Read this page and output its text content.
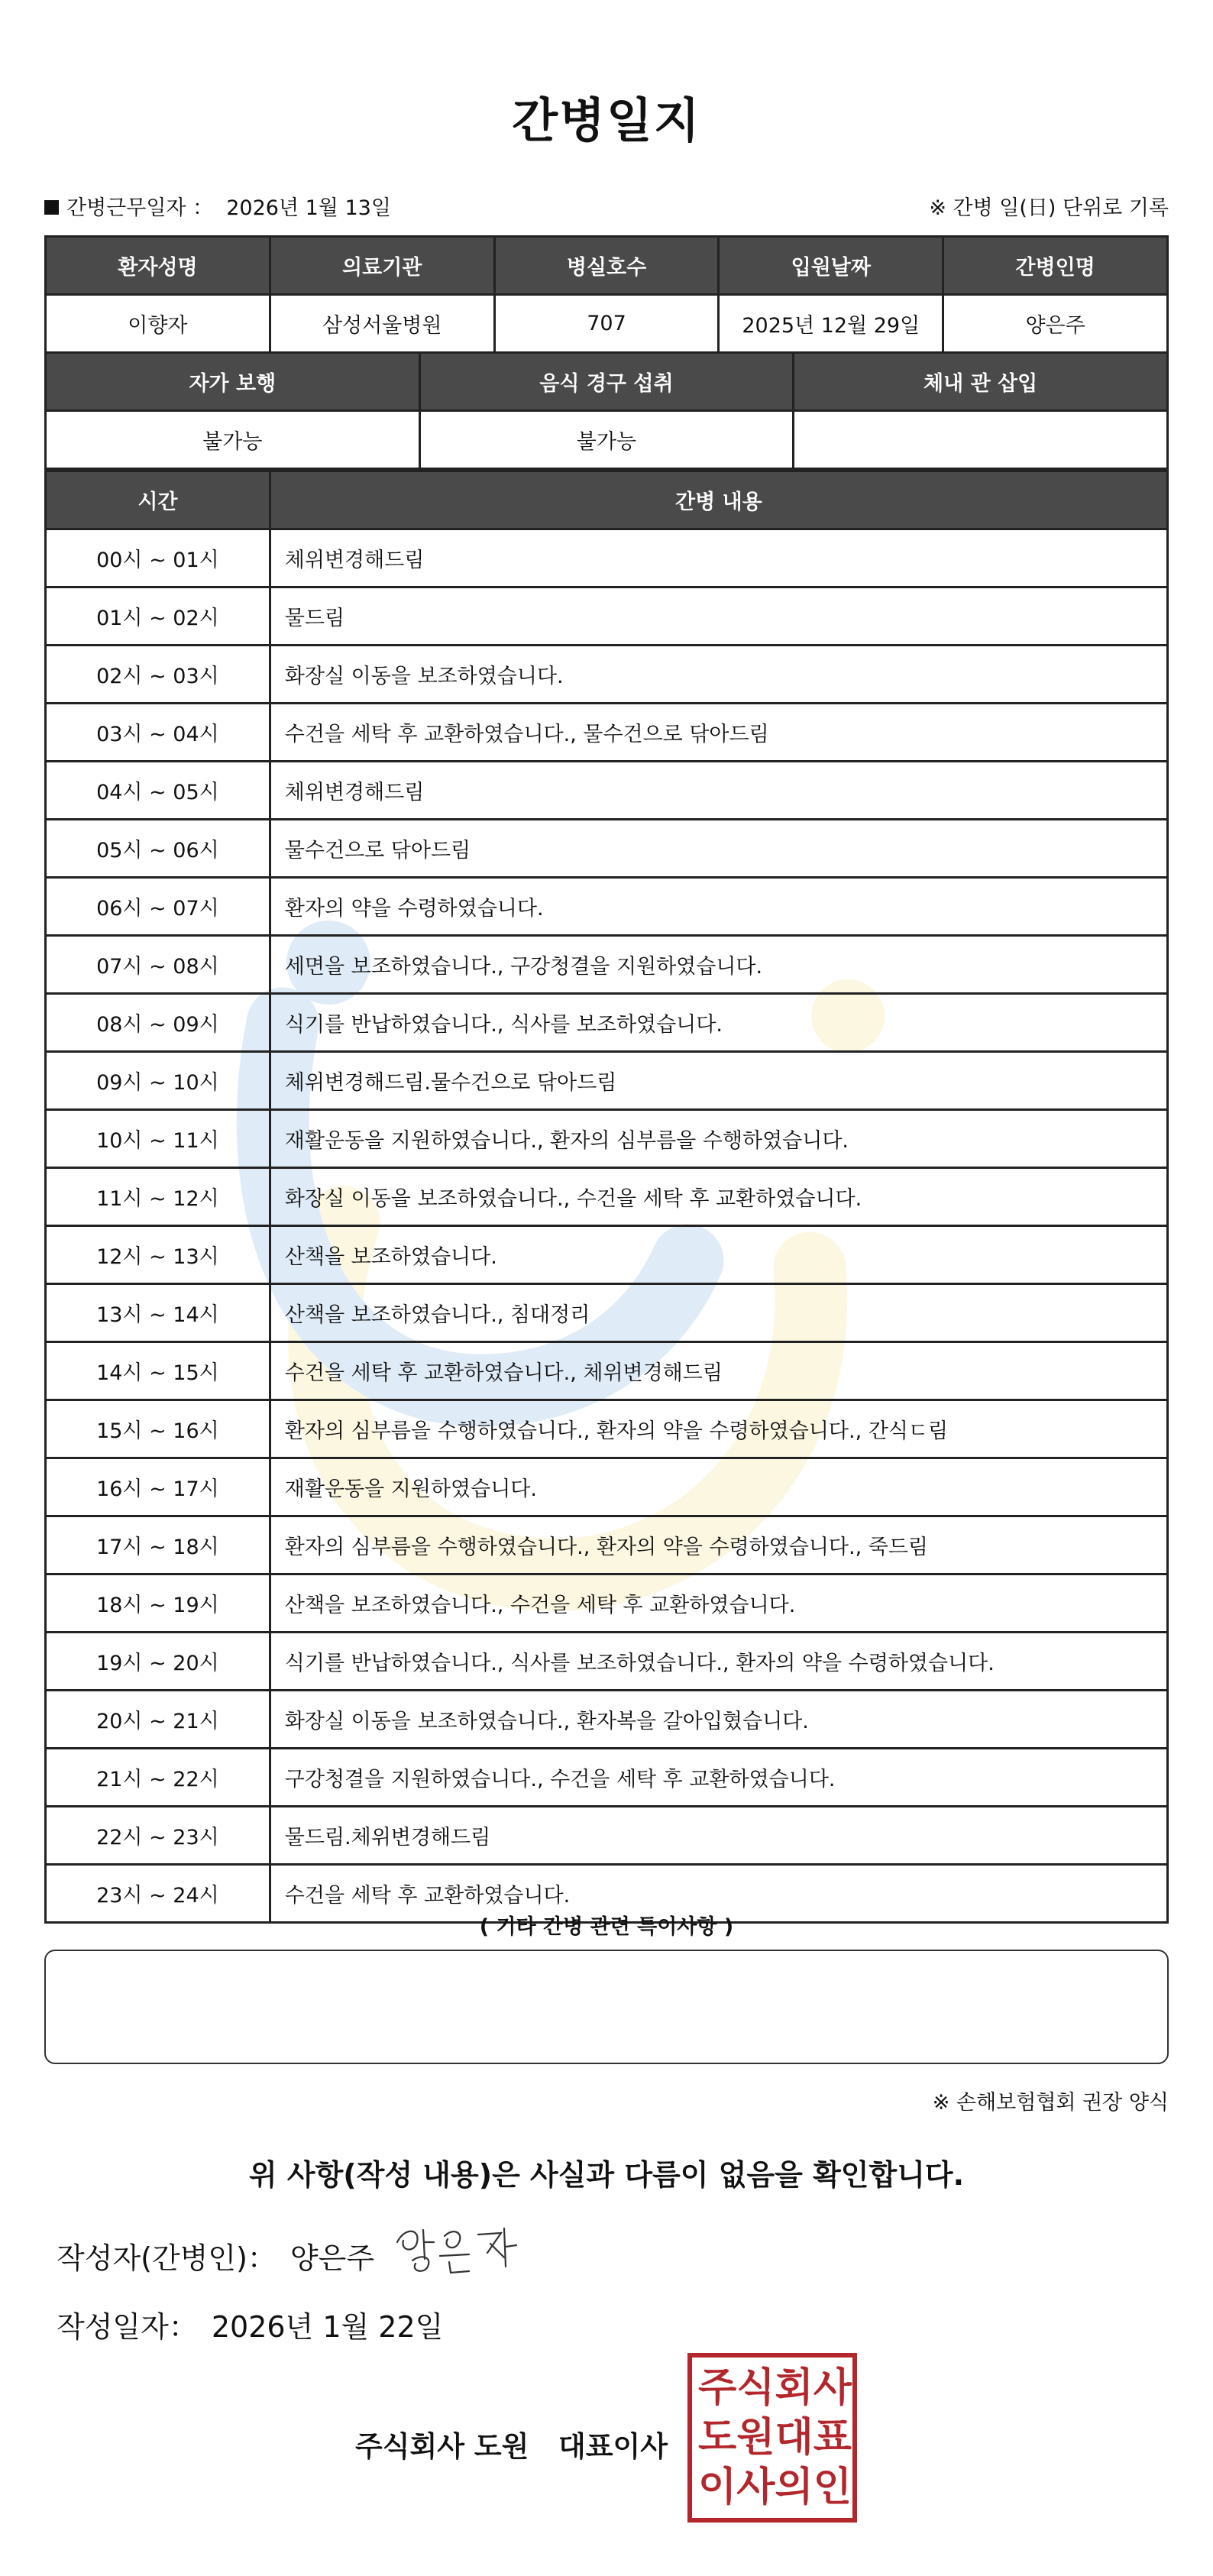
간병일지
간병근무일자 ： 2026년 1월 13일	※ 간병 일(日) 단위로 기록
환자성명	의료기관	병실호수	입원날짜	간병인명
이향자	삼성서울병원	707	2025년 12월 29일	양은주
자가 보행	음식 경구 섭취	체내 관 삽입
불가능	불가능	
시간	간병 내용
00시 ~ 01시	체위변경해드림
01시 ~ 02시	물드림
02시 ~ 03시	화장실 이동을 보조하였습니다.
03시 ~ 04시	수건을 세탁 후 교환하였습니다., 물수건으로 닦아드림
04시 ~ 05시	체위변경해드림
05시 ~ 06시	물수건으로 닦아드림
06시 ~ 07시	환자의 약을 수령하였습니다.
07시 ~ 08시	세면을 보조하였습니다., 구강청결을 지원하였습니다.
08시 ~ 09시	식기를 반납하였습니다., 식사를 보조하였습니다.
09시 ~ 10시	체위변경해드림.물수건으로 닦아드림
10시 ~ 11시	재활운동을 지원하였습니다., 환자의 심부름을 수행하였습니다.
11시 ~ 12시	화장실 이동을 보조하였습니다., 수건을 세탁 후 교환하였습니다.
12시 ~ 13시	산책을 보조하였습니다.
13시 ~ 14시	산책을 보조하였습니다., 침대정리
14시 ~ 15시	수건을 세탁 후 교환하였습니다., 체위변경해드림
15시 ~ 16시	환자의 심부름을 수행하였습니다., 환자의 약을 수령하였습니다., 간식ㄷ림
16시 ~ 17시	재활운동을 지원하였습니다.
17시 ~ 18시	환자의 심부름을 수행하였습니다., 환자의 약을 수령하였습니다., 죽드림
18시 ~ 19시	산책을 보조하였습니다., 수건을 세탁 후 교환하였습니다.
19시 ~ 20시	식기를 반납하였습니다., 식사를 보조하였습니다., 환자의 약을 수령하였습니다.
20시 ~ 21시	화장실 이동을 보조하였습니다., 환자복을 갈아입혔습니다.
21시 ~ 22시	구강청결을 지원하였습니다., 수건을 세탁 후 교환하였습니다.
22시 ~ 23시	물드림.체위변경해드림
23시 ~ 24시	수건을 세탁 후 교환하였습니다.
( 기타 간병 관련 특이사항 )
※ 손해보험협회 권장 양식
위 사항(작성 내용)은 사실과 다름이 없음을 확인합니다.
작성자(간병인)： 양은주
작성일자： 2026년 1월 22일
주식회사 도원   대표이사
주 식 회 사
도 원 대 표
이 사 의 인
